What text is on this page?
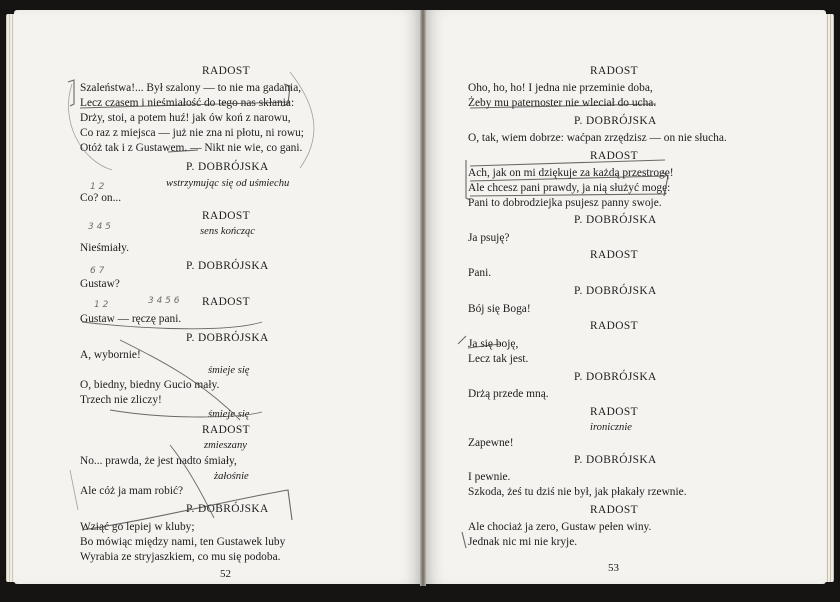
RADOST
Szaleństwa!... Był szalony — to nie ma gadania,
Lecz czasem i nieśmiałość do tego nas skłania:
Drży, stoi, a potem huź! jak ów koń z narowu,
Co raz z miejsca — już nie zna ni płotu, ni rowu;
Otóż tak i z Gustawem. — Nikt nie wie, co gani.
P. DOBRÓJSKA
wstrzymując się od uśmiechu
Co? on...
RADOST
sens kończąc
Nieśmiały.
P. DOBRÓJSKA
Gustaw?
RADOST
Gustaw — ręczę pani.
P. DOBRÓJSKA
A, wybornie!
śmieje się
O, biedny, biedny Gucio mały.
Trzech nie zliczy!
śmieje się
RADOST
zmieszany
No... prawda, że jest nadto śmiały,
żałośnie
Ale cóż ja mam robić?
P. DOBRÓJSKA
Wziąć go lepiej w kluby;
Bo mówiąc między nami, ten Gustawek luby
Wyrabia ze stryjaszkiem, co mu się podoba.
52
RADOST
Oho, ho, ho! I jedna nie przeminie doba,
Żeby mu paternoster nie wleciał do ucha.
P. DOBRÓJSKA
O, tak, wiem dobrze: waćpan zrzędzisz — on nie słucha.
RADOST
Ach, jak on mi dziękuje za każdą przestrogę!
Ale chcesz pani prawdy, ja nią służyć mogę:
Pani to dobrodziejka psujesz panny swoje.
P. DOBRÓJSKA
Ja psuję?
RADOST
Pani.
P. DOBRÓJSKA
Bój się Boga!
RADOST
Ja się boję,
Lecz tak jest.
P. DOBRÓJSKA
Drżą przede mną.
RADOST
ironicznie
Zapewne!
P. DOBRÓJSKA
I pewnie.
Szkoda, żeś tu dziś nie był, jak płakały rzewnie.
RADOST
Ale chociaż ja zero, Gustaw pełen winy.
Jednak nic mi nie kryje.
53
1 2
3 4 5
6 7
1 2	3 4 5 6
